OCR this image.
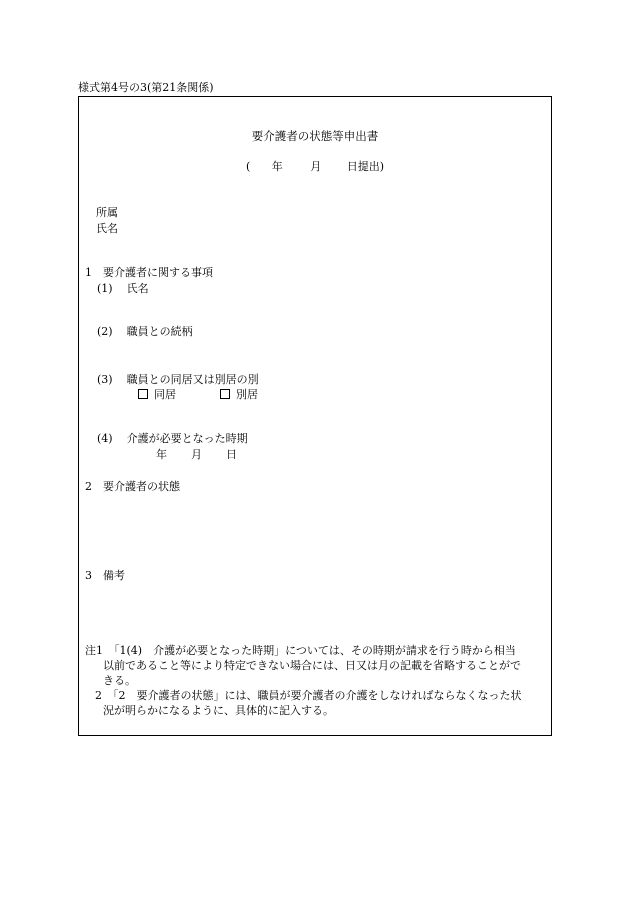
様式第4号の3(第21条関係)
要介護者の状態等申出書
( 年	月 日提出)
所属
氏名
1　要介護者に関する事項
(1) 氏名
(2) 職員との続柄
(3) 職員との同居又は別居の別
同居	別居
(4) 介護が必要となった時期
年 月 日
2　要介護者の状態
3　備考
注1　「1(4)　介護が必要となった時期」については、その時期が請求を行う時から相当
以前であること等により特定できない場合には、日又は月の記載を省略することがで
きる。
2　「2　要介護者の状態」には、職員が要介護者の介護をしなければならなくなった状
況が明らかになるように、具体的に記入する。
